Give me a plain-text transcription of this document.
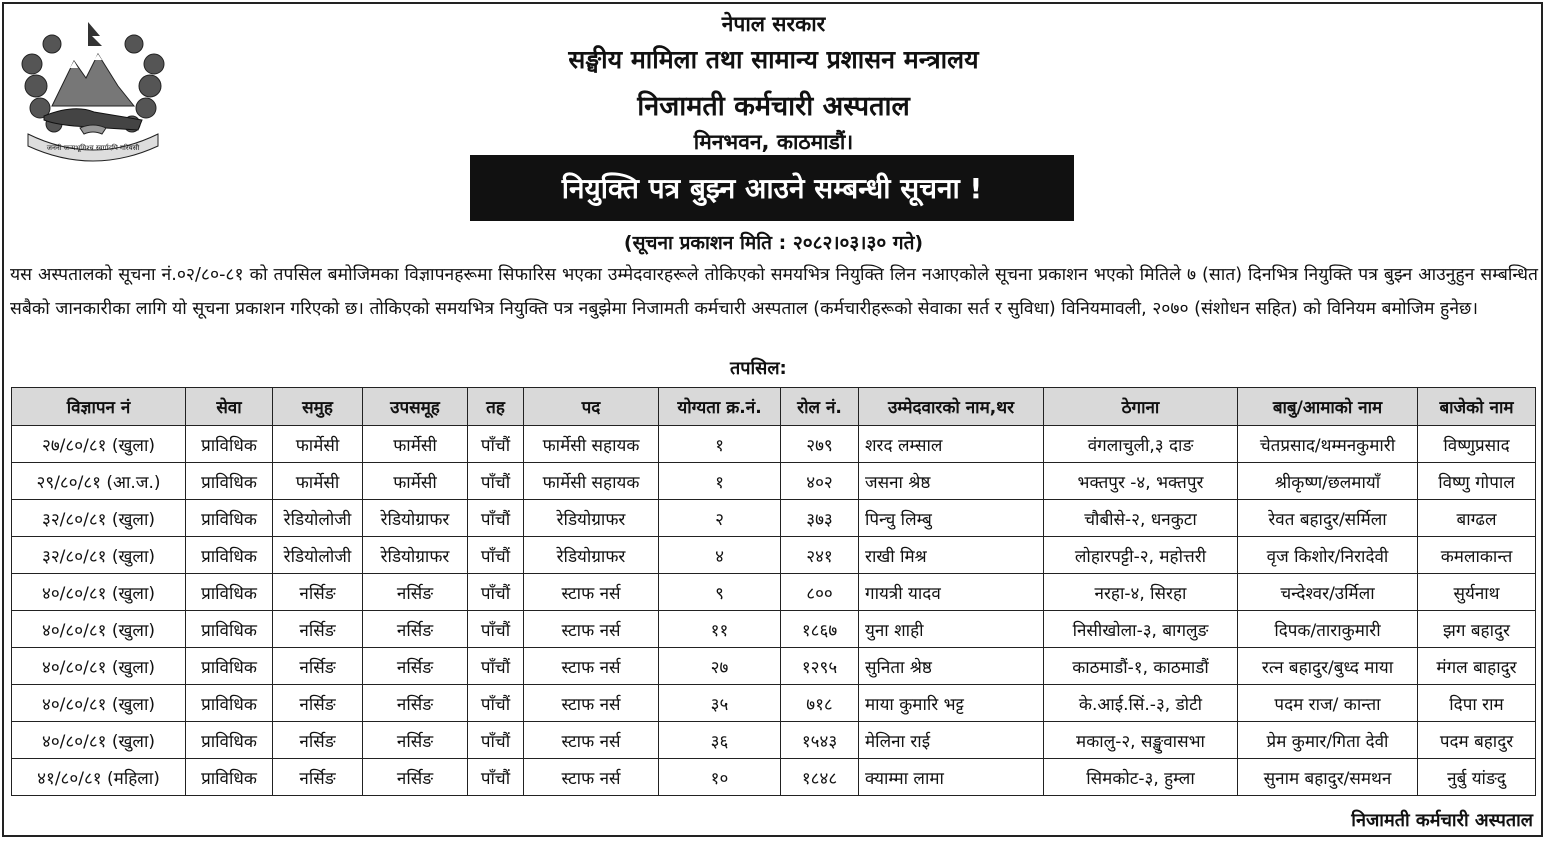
जननी जन्मभूमिश्च स्वर्गादपि गरियसी
नेपाल सरकार
सङ्घीय मामिला तथा सामान्य प्रशासन मन्त्रालय
निजामती कर्मचारी अस्पताल
मिनभवन, काठमाडौं।
नियुक्ति पत्र बुझ्न आउने सम्बन्धी सूचना !
(सूचना प्रकाशन मिति : २०८२।०३।३० गते)

यस अस्पतालको सूचना नं.०२/८०-८१ को तपसिल बमोजिमका विज्ञापनहरूमा सिफारिस भएका उम्मेदवारहरूले तोकिएको समयभित्र नियुक्ति लिन नआएकोले सूचना प्रकाशन भएको मितिले ७ (सात) दिनभित्र नियुक्ति पत्र बुझ्न आउनुहुन सम्बन्धित सबैको जानकारीका लागि यो सूचना प्रकाशन गरिएको छ। तोकिएको समयभित्र नियुक्ति पत्र नबुझेमा निजामती कर्मचारी अस्पताल (कर्मचारीहरूको सेवाका सर्त र सुविधा) विनियमावली, २०७० (संशोधन सहित) को विनियम बमोजिम हुनेछ।

तपसिल:
विज्ञापन नं	सेवा	समुह	उपसमूह	तह	पद	योग्यता क्र.नं.	रोल नं.	उम्मेदवारको नाम,थर	ठेगाना	बाबु/आमाको नाम	बाजेको नाम
२७/८०/८१ (खुला)	प्राविधिक	फार्मेसी	फार्मेसी	पाँचौं	फार्मेसी सहायक	१	२७९	शरद लम्साल	वंगलाचुली,३ दाङ	चेतप्रसाद/थम्मनकुमारी	विष्णुप्रसाद
२९/८०/८१ (आ.ज.)	प्राविधिक	फार्मेसी	फार्मेसी	पाँचौं	फार्मेसी सहायक	१	४०२	जसना श्रेष्ठ	भक्तपुर -४, भक्तपुर	श्रीकृष्ण/छलमायाँ	विष्णु गोपाल
३२/८०/८१ (खुला)	प्राविधिक	रेडियोलोजी	रेडियोग्राफर	पाँचौं	रेडियोग्राफर	२	३७३	पिन्चु लिम्बु	चौबीसे-२, धनकुटा	रेवत बहादुर/सर्मिला	बाग्ढल
३२/८०/८१ (खुला)	प्राविधिक	रेडियोलोजी	रेडियोग्राफर	पाँचौं	रेडियोग्राफर	४	२४१	राखी मिश्र	लोहारपट्टी-२, महोत्तरी	वृज किशोर/निरादेवी	कमलाकान्त
४०/८०/८१ (खुला)	प्राविधिक	नर्सिङ	नर्सिङ	पाँचौं	स्टाफ नर्स	९	८००	गायत्री यादव	नरहा-४, सिरहा	चन्देश्वर/उर्मिला	सुर्यनाथ
४०/८०/८१ (खुला)	प्राविधिक	नर्सिङ	नर्सिङ	पाँचौं	स्टाफ नर्स	११	१८६७	युना शाही	निसीखोला-३, बागलुङ	दिपक/ताराकुमारी	झग बहादुर
४०/८०/८१ (खुला)	प्राविधिक	नर्सिङ	नर्सिङ	पाँचौं	स्टाफ नर्स	२७	१२९५	सुनिता श्रेष्ठ	काठमाडौं-१, काठमाडौं	रत्न बहादुर/बुध्द माया	मंगल बाहादुर
४०/८०/८१ (खुला)	प्राविधिक	नर्सिङ	नर्सिङ	पाँचौं	स्टाफ नर्स	३५	७१८	माया कुमारि भट्ट	के.आई.सिं.-३, डोटी	पदम राज/ कान्ता	दिपा राम
४०/८०/८१ (खुला)	प्राविधिक	नर्सिङ	नर्सिङ	पाँचौं	स्टाफ नर्स	३६	१५४३	मेलिना राई	मकालु-२, सङ्खुवासभा	प्रेम कुमार/गिता देवी	पदम बहादुर
४१/८०/८१ (महिला)	प्राविधिक	नर्सिङ	नर्सिङ	पाँचौं	स्टाफ नर्स	१०	१८४८	क्याम्मा लामा	सिमकोट-३, हुम्ला	सुनाम बहादुर/समथन	नुर्बु यांङदु
निजामती कर्मचारी अस्पताल
